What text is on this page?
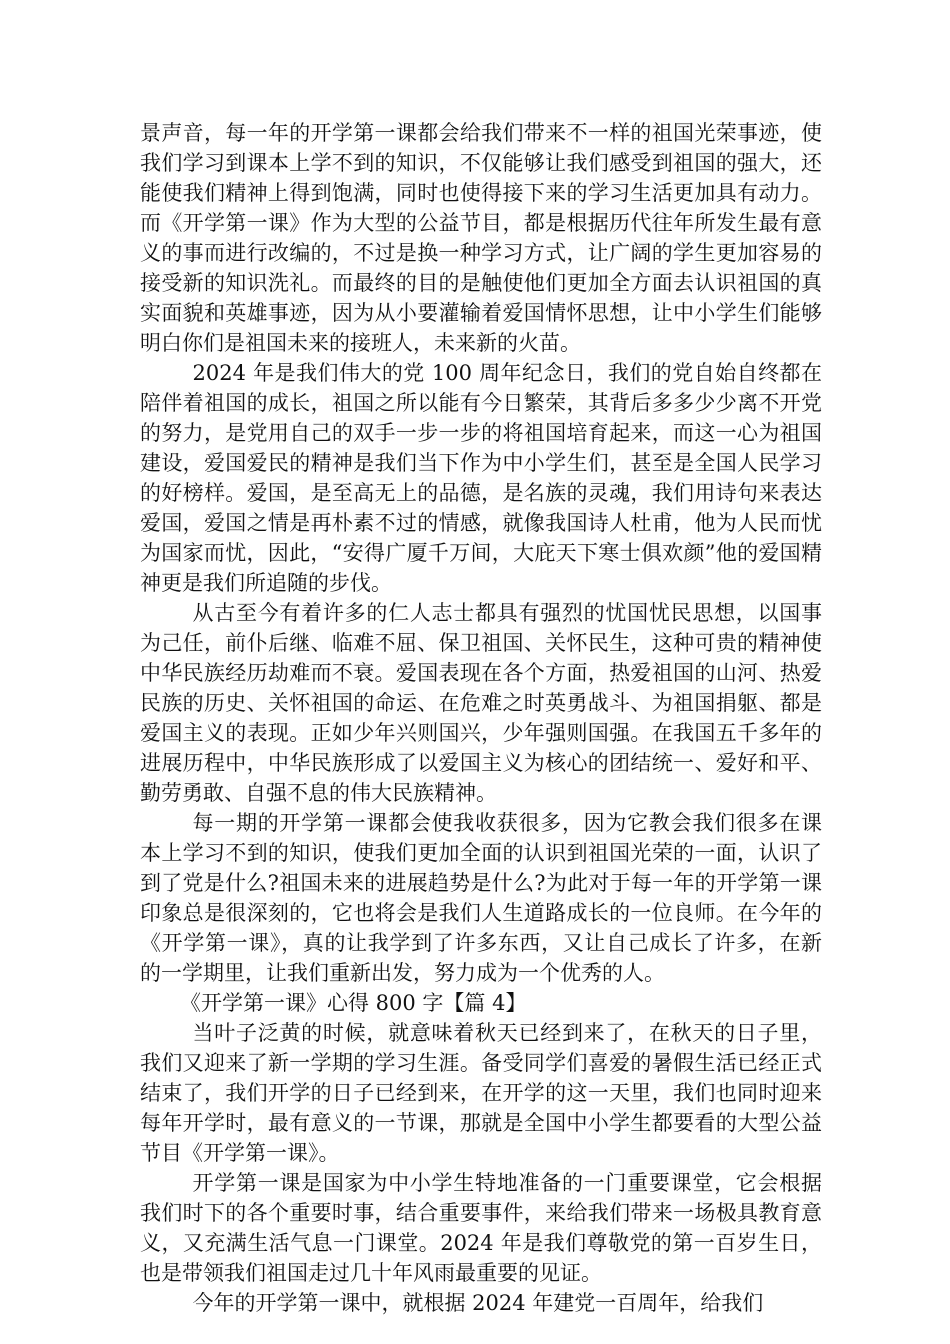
景声音，每一年的开学第一课都会给我们带来不一样的祖国光荣事迹，使我们学习到课本上学不到的知识，不仅能够让我们感受到祖国的强大，还能使我们精神上得到饱满，同时也使得接下来的学习生活更加具有动力。而《开学第一课》作为大型的公益节目，都是根据历代往年所发生最有意义的事而进行改编的，不过是换一种学习方式，让广阔的学生更加容易的接受新的知识洗礼。而最终的目的是触使他们更加全方面去认识祖国的真实面貌和英雄事迹，因为从小要灌输着爱国情怀思想，让中小学生们能够明白你们是祖国未来的接班人，未来新的火苗。

2024 年是我们伟大的党 100 周年纪念日，我们的党自始自终都在陪伴着祖国的成长，祖国之所以能有今日繁荣，其背后多多少少离不开党的努力，是党用自己的双手一步一步的将祖国培育起来，而这一心为祖国建设，爱国爱民的精神是我们当下作为中小学生们，甚至是全国人民学习的好榜样。爱国，是至高无上的品德，是名族的灵魂，我们用诗句来表达爱国，爱国之情是再朴素不过的情感，就像我国诗人杜甫，他为人民而忧为国家而忧，因此，“安得广厦千万间，大庇天下寒士俱欢颜”他的爱国精神更是我们所追随的步伐。

从古至今有着许多的仁人志士都具有强烈的忧国忧民思想，以国事为己任，前仆后继、临难不屈、保卫祖国、关怀民生，这种可贵的精神使中华民族经历劫难而不衰。爱国表现在各个方面，热爱祖国的山河、热爱民族的历史、关怀祖国的命运、在危难之时英勇战斗、为祖国捐躯、都是爱国主义的表现。正如少年兴则国兴，少年强则国强。在我国五千多年的进展历程中，中华民族形成了以爱国主义为核心的团结统一、爱好和平、勤劳勇敢、自强不息的伟大民族精神。

每一期的开学第一课都会使我收获很多，因为它教会我们很多在课本上学习不到的知识，使我们更加全面的认识到祖国光荣的一面，认识了到了党是什么?祖国未来的进展趋势是什么?为此对于每一年的开学第一课印象总是很深刻的，它也将会是我们人生道路成长的一位良师。在今年的《开学第一课》，真的让我学到了许多东西，又让自己成长了许多，在新的一学期里，让我们重新出发，努力成为一个优秀的人。

《开学第一课》心得 800 字【篇 4】

当叶子泛黄的时候，就意味着秋天已经到来了，在秋天的日子里，我们又迎来了新一学期的学习生涯。备受同学们喜爱的暑假生活已经正式结束了，我们开学的日子已经到来，在开学的这一天里，我们也同时迎来每年开学时，最有意义的一节课，那就是全国中小学生都要看的大型公益节目《开学第一课》。

开学第一课是国家为中小学生特地准备的一门重要课堂，它会根据我们时下的各个重要时事，结合重要事件，来给我们带来一场极具教育意义，又充满生活气息一门课堂。2024 年是我们尊敬党的第一百岁生日，也是带领我们祖国走过几十年风雨最重要的见证。

今年的开学第一课中，就根据 2024 年建党一百周年，给我们
